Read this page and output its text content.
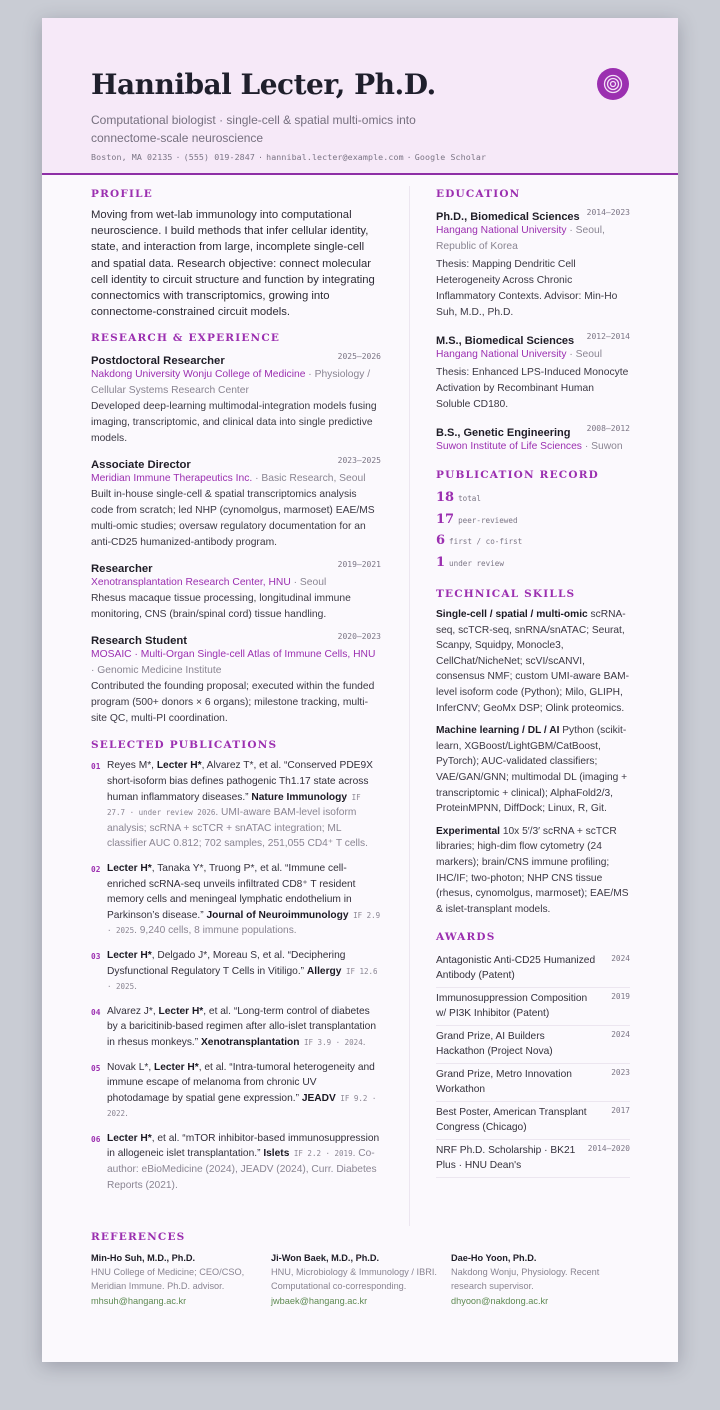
Hannibal Lecter, Ph.D.
Computational biologist · single-cell & spatial multi-omics into connectome-scale neuroscience
Boston, MA 02135 · (555) 019-2847 · hannibal.lecter@example.com · Google Scholar
PROFILE
Moving from wet-lab immunology into computational neuroscience. I build methods that infer cellular identity, state, and interaction from large, incomplete single-cell and spatial data. Research objective: connect molecular cell identity to circuit structure and function by integrating connectomics with transcriptomics, growing into connectome-constrained circuit models.
RESEARCH & EXPERIENCE
Postdoctoral Researcher	2025–2026
Nakdong University Wonju College of Medicine · Physiology / Cellular Systems Research Center
Developed deep-learning multimodal-integration models fusing imaging, transcriptomic, and clinical data into single predictive models.
Associate Director	2023–2025
Meridian Immune Therapeutics Inc. · Basic Research, Seoul
Built in-house single-cell & spatial transcriptomics analysis code from scratch; led NHP (cynomolgus, marmoset) EAE/MS multi-omic studies; oversaw regulatory documentation for an anti-CD25 humanized-antibody program.
Researcher	2019–2021
Xenotransplantation Research Center, HNU · Seoul
Rhesus macaque tissue processing, longitudinal immune monitoring, CNS (brain/spinal cord) tissue handling.
Research Student	2020–2023
MOSAIC · Multi-Organ Single-cell Atlas of Immune Cells, HNU · Genomic Medicine Institute
Contributed the founding proposal; executed within the funded program (500+ donors × 6 organs); milestone tracking, multi-site QC, multi-PI coordination.
SELECTED PUBLICATIONS
01 Reyes M*, Lecter H*, Alvarez T*, et al. “Conserved PDE9X short-isoform bias defines pathogenic Th1.17 state across human inflammatory diseases.” Nature Immunology IF 27.7 · under review 2026. UMI-aware BAM-level isoform analysis; scRNA + scTCR + snATAC integration; ML classifier AUC 0.812; 702 samples, 251,055 CD4⁺ T cells.
02 Lecter H*, Tanaka Y*, Truong P*, et al. “Immune cell-enriched scRNA-seq unveils infiltrated CD8⁺ T resident memory cells and meningeal lymphatic endothelium in Parkinson’s disease.” Journal of Neuroimmunology IF 2.9 · 2025. 9,240 cells, 8 immune populations.
03 Lecter H*, Delgado J*, Moreau S, et al. “Deciphering Dysfunctional Regulatory T Cells in Vitiligo.” Allergy IF 12.6 · 2025.
04 Alvarez J*, Lecter H*, et al. “Long-term control of diabetes by a baricitinib-based regimen after allo-islet transplantation in rhesus monkeys.” Xenotransplantation IF 3.9 · 2024.
05 Novak L*, Lecter H*, et al. “Intra-tumoral heterogeneity and immune escape of melanoma from chronic UV photodamage by spatial gene expression.” JEADV IF 9.2 · 2022.
06 Lecter H*, et al. “mTOR inhibitor-based immunosuppression in allogeneic islet transplantation.” Islets IF 2.2 · 2019. Co-author: eBioMedicine (2024), JEADV (2024), Curr. Diabetes Reports (2021).
EDUCATION
Ph.D., Biomedical Sciences 2014–2023
Hangang National University · Seoul, Republic of Korea
Thesis: Mapping Dendritic Cell Heterogeneity Across Chronic Inflammatory Contexts. Advisor: Min-Ho Suh, M.D., Ph.D.
M.S., Biomedical Sciences 2012–2014
Hangang National University · Seoul
Thesis: Enhanced LPS-Induced Monocyte Activation by Recombinant Human Soluble CD180.
B.S., Genetic Engineering 2008–2012
Suwon Institute of Life Sciences · Suwon
PUBLICATION RECORD
18 total
17 peer-reviewed
6 first / co-first
1 under review
TECHNICAL SKILLS
Single-cell / spatial / multi-omic scRNA-seq, scTCR-seq, snRNA/snATAC; Seurat, Scanpy, Squidpy, Monocle3, CellChat/NicheNet; scVI/scANVI, consensus NMF; custom UMI-aware BAM-level isoform code (Python); Milo, GLIPH, InferCNV; GeoMx DSP; Olink proteomics.
Machine learning / DL / AI Python (scikit-learn, XGBoost/LightGBM/CatBoost, PyTorch); AUC-validated classifiers; VAE/GAN/GNN; multimodal DL (imaging + transcriptomic + clinical); AlphaFold2/3, ProteinMPNN, DiffDock; Linux, R, Git.
Experimental 10x 5′/3′ scRNA + scTCR libraries; high-dim flow cytometry (24 markers); brain/CNS immune profiling; IHC/IF; two-photon; NHP CNS tissue (rhesus, cynomolgus, marmoset); EAE/MS & islet-transplant models.
AWARDS
Antagonistic Anti-CD25 Humanized Antibody (Patent)
2024
Immunosuppression Composition w/ PI3K Inhibitor (Patent)
2019
Grand Prize, AI Builders Hackathon (Project Nova)
2024
Grand Prize, Metro Innovation Workathon
2023
Best Poster, American Transplant Congress (Chicago)
2017
NRF Ph.D. Scholarship · BK21 Plus · HNU Dean's
2014–2020
REFERENCES
Min-Ho Suh, M.D., Ph.D.
HNU College of Medicine; CEO/CSO, Meridian Immune. Ph.D. advisor.
mhsuh@hangang.ac.kr
Ji-Won Baek, M.D., Ph.D.
HNU, Microbiology & Immunology / IBRI. Computational co-corresponding.
jwbaek@hangang.ac.kr
Dae-Ho Yoon, Ph.D.
Nakdong Wonju, Physiology. Recent research supervisor.
dhyoon@nakdong.ac.kr
